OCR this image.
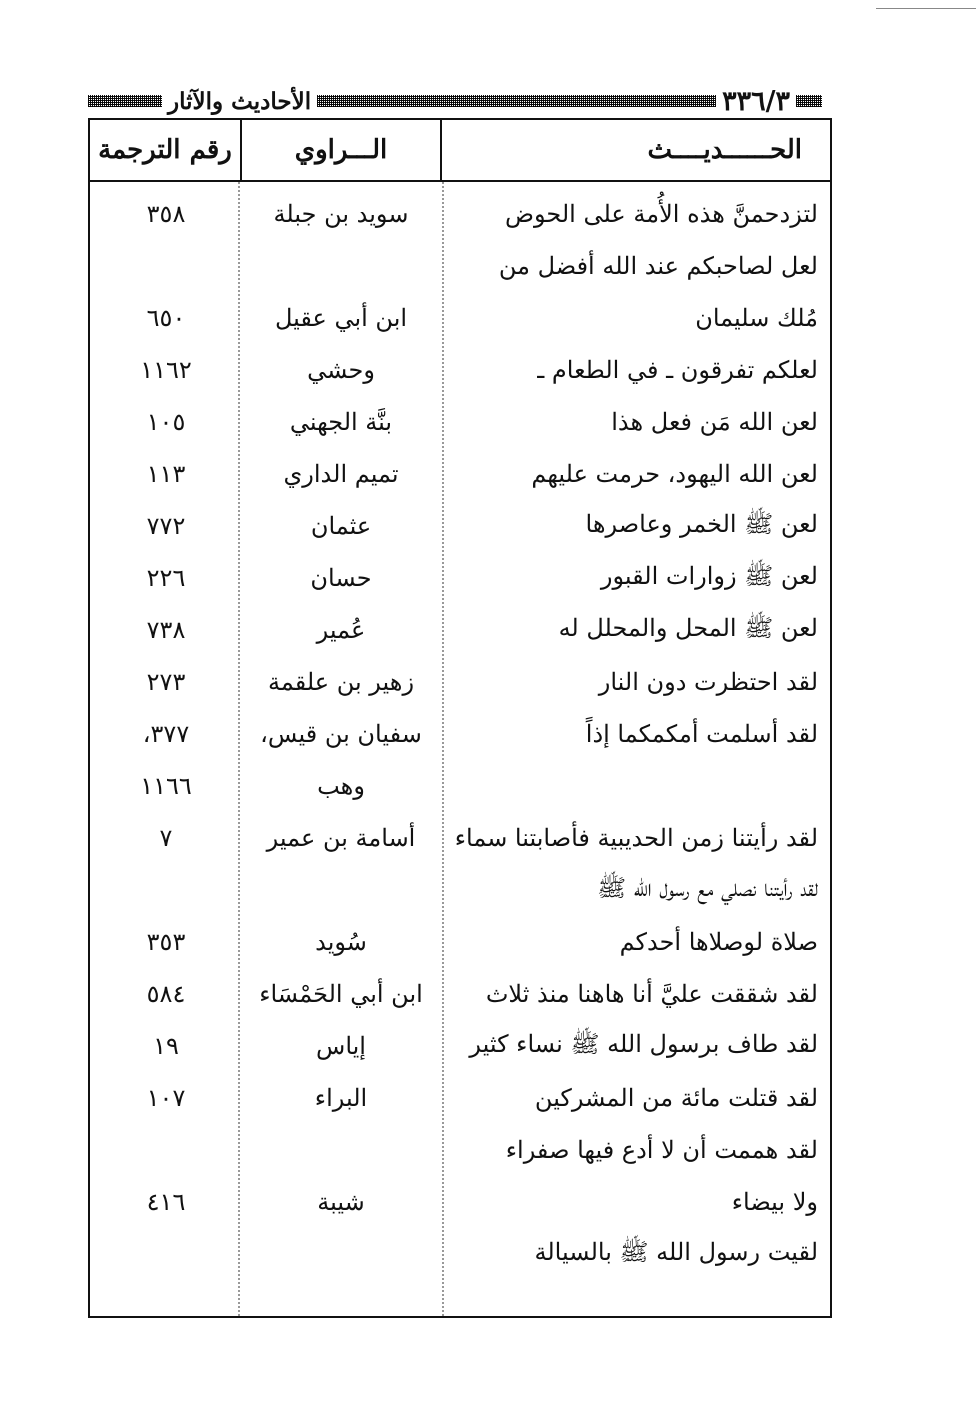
٣٣٦/٣
الأحاديث والآثار
الحــــــديــــث
الـــراوي
رقم الترجمة
لتزدحمنَّ هذه الأُمة على الحوض
سويد بن جبلة
٣٥٨
لعل لصاحبكم عند الله أفضل من
مُلك سليمان
ابن أبي عقيل
٦٥٠
لعلكم تفرقون ـ في الطعام ـ
وحشي
١١٦٢
لعن الله مَن فعل هذا
بنَّة الجهني
١٠٥
لعن الله اليهود، حرمت عليهم
تميم الداري
١١٣
لعن ﷺ الخمر وعاصرها
عثمان
٧٧٢
لعن ﷺ زوارات القبور
حسان
٢٢٦
لعن ﷺ المحل والمحلل له
عُمير
٧٣٨
لقد احتظرت دون النار
زهير بن علقمة
٢٧٣
لقد أسلمت أمكمكما إذاً
سفيان بن قيس،
٣٧٧،
وهب
١١٦٦
لقد رأيتنا زمن الحديبية فأصابتنا سماء
أسامة بن عمير
٧
لقد رأيتنا نصلي مع رسول الله ﷺ
صلاة لوصلاها أحدكم
سُويد
٣٥٣
لقد شققت عليَّ أنا هاهنا منذ ثلاث
ابن أبي الحَمْسَاء
٥٨٤
لقد طاف برسول الله ﷺ نساء كثير
إياس
١٩
لقد قتلت مائة من المشركين
البراء
١٠٧
لقد هممت أن لا أدع فيها صفراء
ولا بيضاء
شيبة
٤١٦
لقيت رسول الله ﷺ بالسيالة
